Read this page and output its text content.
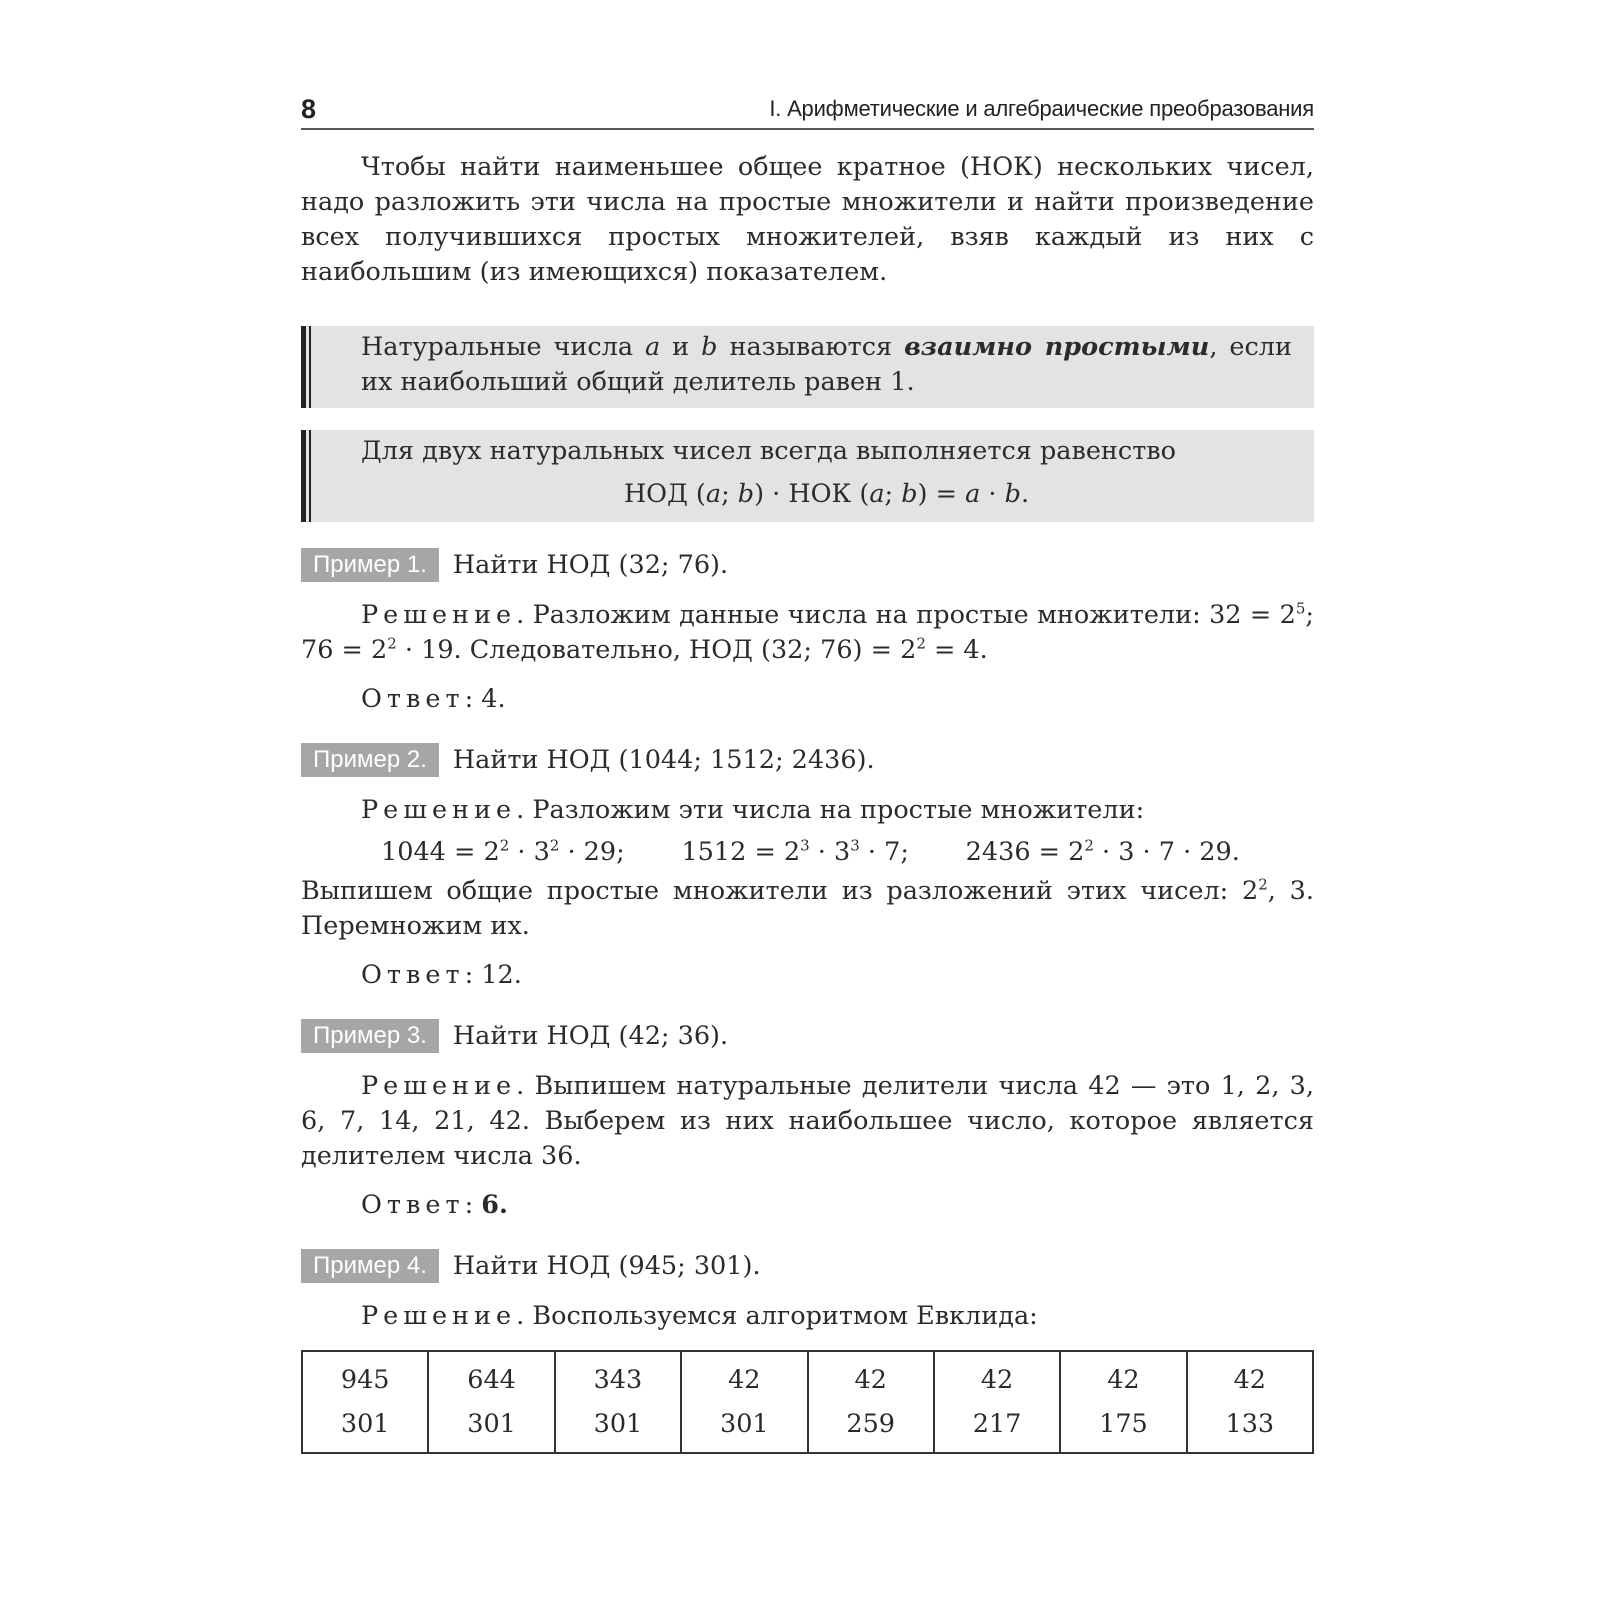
8	I. Арифметические и алгебраические преобразования

Чтобы найти наименьшее общее кратное (НОК) нескольких чисел, надо разложить эти числа на простые множители и найти произведение всех получившихся простых множителей, взяв каждый из них с наибольшим (из имеющихся) показателем.

Натуральные числа a и b называются взаимно простыми, если их наибольший общий делитель равен 1.

Для двух натуральных чисел всегда выполняется равенство

НОД (a; b) · НОК (a; b) = a · b.

Пример 1.	Найти НОД (32; 76).

Решение. Разложим данные числа на простые множители: $32 = 2^5$; $76 = 2^2 \cdot 19$. Следовательно, НОД (32; $76) = 2^2 = 4$.

Ответ: 4.

Пример 2.	Найти НОД (1044; 1512; 2436).

Решение. Разложим эти числа на простые множители:

$1044 = 2^2 \cdot 3^2 \cdot 29$;       $1512 = 2^3 \cdot 3^3 \cdot 7$;       $2436 = 2^2 \cdot 3 \cdot 7 \cdot 29$.

Выпишем общие простые множители из разложений этих чисел: $2^2$, 3. Перемножим их.

Ответ: 12.

Пример 3.	Найти НОД (42; 36).

Решение. Выпишем натуральные делители числа 42 — это 1, 2, 3, 6, 7, 14, 21, 42. Выберем из них наибольшее число, которое является делителем числа 36.

Ответ: 6.

Пример 4.	Найти НОД (945; 301).

Решение. Воспользуемся алгоритмом Евклида:

945	644	343	42	42	42	42	42
301	301	301	301	259	217	175	133
